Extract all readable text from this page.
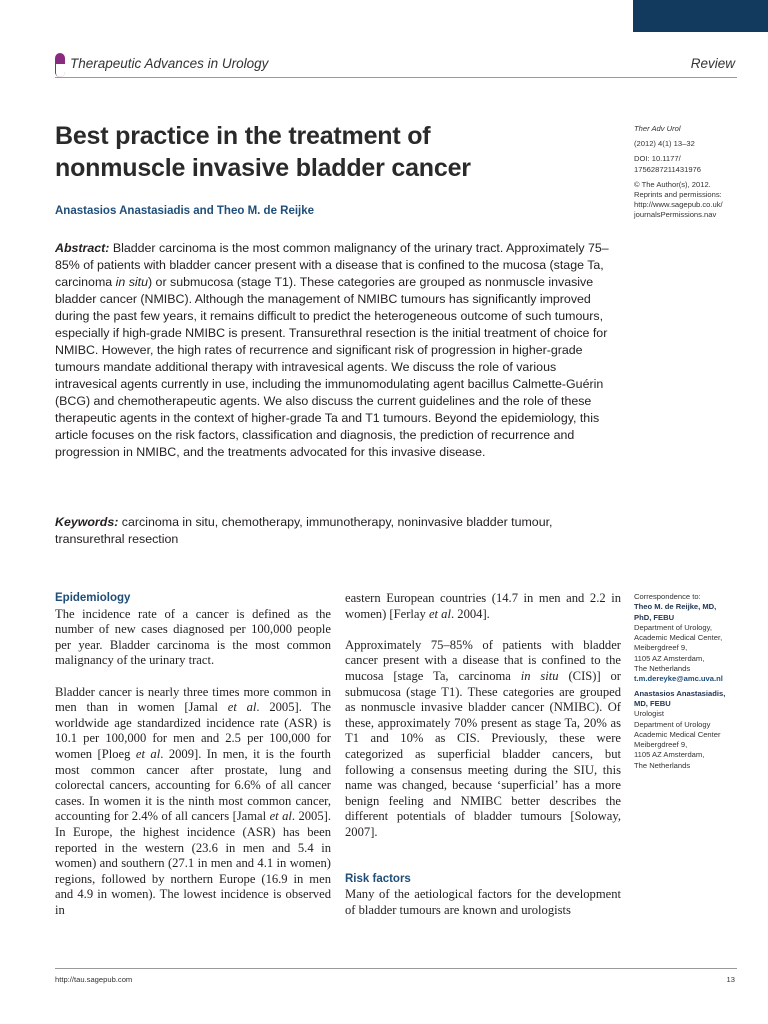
Therapeutic Advances in Urology	Review
Best practice in the treatment of
nonmuscle invasive bladder cancer
Anastasios Anastasiadis and Theo M. de Reijke
Ther Adv Urol
(2012) 4(1) 13–32
DOI: 10.1177/
1756287211431976
© The Author(s), 2012.
Reprints and permissions:
http://www.sagepub.co.uk/
journalsPermissions.nav
Abstract: Bladder carcinoma is the most common malignancy of the urinary tract. Approximately 75–85% of patients with bladder cancer present with a disease that is confined to the mucosa (stage Ta, carcinoma in situ) or submucosa (stage T1). These categories are grouped as nonmuscle invasive bladder cancer (NMIBC). Although the management of NMIBC tumours has significantly improved during the past few years, it remains difficult to predict the heterogeneous outcome of such tumours, especially if high-grade NMIBC is present. Transurethral resection is the initial treatment of choice for NMIBC. However, the high rates of recurrence and significant risk of progression in higher-grade tumours mandate additional therapy with intravesical agents. We discuss the role of various intravesical agents currently in use, including the immunomodulating agent bacillus Calmette-Guérin (BCG) and chemotherapeutic agents. We also discuss the current guidelines and the role of these therapeutic agents in the context of higher-grade Ta and T1 tumours. Beyond the epidemiology, this article focuses on the risk factors, classification and diagnosis, the prediction of recurrence and progression in NMIBC, and the treatments advocated for this invasive disease.
Keywords: carcinoma in situ, chemotherapy, immunotherapy, noninvasive bladder tumour, transurethral resection
Epidemiology

The incidence rate of a cancer is defined as the number of new cases diagnosed per 100,000 people per year. Bladder carcinoma is the most common malignancy of the urinary tract.

Bladder cancer is nearly three times more common in men than in women [Jamal et al. 2005]. The worldwide age standardized incidence rate (ASR) is 10.1 per 100,000 for men and 2.5 per 100,000 for women [Ploeg et al. 2009]. In men, it is the fourth most common cancer after prostate, lung and colorectal cancers, accounting for 6.6% of all cancer cases. In women it is the ninth most common cancer, accounting for 2.4% of all cancers [Jamal et al. 2005]. In Europe, the highest incidence (ASR) has been reported in the western (23.6 in men and 5.4 in women) and southern (27.1 in men and 4.1 in women) regions, followed by northern Europe (16.9 in men and 4.9 in women). The lowest incidence is observed in

eastern European countries (14.7 in men and 2.2 in women) [Ferlay et al. 2004].

Approximately 75–85% of patients with bladder cancer present with a disease that is confined to the mucosa [stage Ta, carcinoma in situ (CIS)] or submucosa (stage T1). These categories are grouped as nonmuscle invasive bladder cancer (NMIBC). Of these, approximately 70% present as stage Ta, 20% as T1 and 10% as CIS. Previously, these were categorized as superficial bladder cancers, but following a consensus meeting during the SIU, this name was changed, because ‘superficial’ has a more benign feeling and NMIBC better describes the different potentials of bladder tumours [Soloway, 2007].

Risk factors

Many of the aetiological factors for the development of bladder tumours are known and urologists

Correspondence to:
Theo M. de Reijke, MD,
PhD, FEBU
Department of Urology,
Academic Medical Center,
Meibergdreef 9,
1105 AZ Amsterdam,
The Netherlands
t.m.dereyke@amc.uva.nl
Anastasios Anastasiadis,
MD, FEBU
Urologist
Department of Urology
Academic Medical Center
Meibergdreef 9,
1105 AZ Amsterdam,
The Netherlands
http://tau.sagepub.com	13
